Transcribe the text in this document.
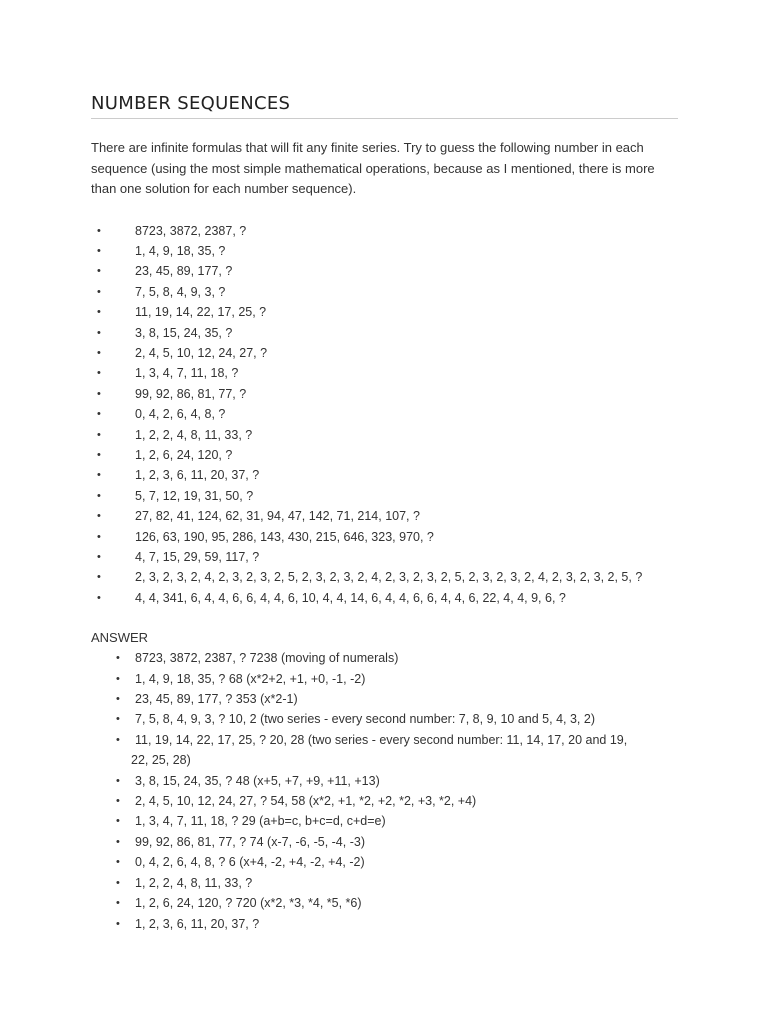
NUMBER SEQUENCES

There are infinite formulas that will fit any finite series. Try to guess the following number in each sequence (using the most simple mathematical operations, because as I mentioned, there is more than one solution for each number sequence).

•	8723, 3872, 2387, ?
•	1, 4, 9, 18, 35, ?
•	23, 45, 89, 177, ?
•	7, 5, 8, 4, 9, 3, ?
•	11, 19, 14, 22, 17, 25, ?
•	3, 8, 15, 24, 35, ?
•	2, 4, 5, 10, 12, 24, 27, ?
•	1, 3, 4, 7, 11, 18, ?
•	99, 92, 86, 81, 77, ?
•	0, 4, 2, 6, 4, 8, ?
•	1, 2, 2, 4, 8, 11, 33, ?
•	1, 2, 6, 24, 120, ?
•	1, 2, 3, 6, 11, 20, 37, ?
•	5, 7, 12, 19, 31, 50, ?
•	27, 82, 41, 124, 62, 31, 94, 47, 142, 71, 214, 107, ?
•	126, 63, 190, 95, 286, 143, 430, 215, 646, 323, 970, ?
•	4, 7, 15, 29, 59, 117, ?
•	2, 3, 2, 3, 2, 4, 2, 3, 2, 3, 2, 5, 2, 3, 2, 3, 2, 4, 2, 3, 2, 3, 2, 5, 2, 3, 2, 3, 2, 4, 2, 3, 2, 3, 2, 5, ?
•	4, 4, 341, 6, 4, 4, 6, 6, 4, 4, 6, 10, 4, 4, 14, 6, 4, 4, 6, 6, 4, 4, 6, 22, 4, 4, 9, 6, ?
ANSWER
• 8723, 3872, 2387, ? 7238 (moving of numerals)
• 1, 4, 9, 18, 35, ? 68 (x*2+2, +1, +0, -1, -2)
• 23, 45, 89, 177, ? 353 (x*2-1)
• 7, 5, 8, 4, 9, 3, ? 10, 2 (two series - every second number: 7, 8, 9, 10 and 5, 4, 3, 2)
• 11, 19, 14, 22, 17, 25, ? 20, 28 (two series - every second number: 11, 14, 17, 20 and 19,
22, 25, 28)
• 3, 8, 15, 24, 35, ? 48 (x+5, +7, +9, +11, +13)
• 2, 4, 5, 10, 12, 24, 27, ? 54, 58 (x*2, +1, *2, +2, *2, +3, *2, +4)
• 1, 3, 4, 7, 11, 18, ? 29 (a+b=c, b+c=d, c+d=e)
• 99, 92, 86, 81, 77, ? 74 (x-7, -6, -5, -4, -3)
• 0, 4, 2, 6, 4, 8, ? 6 (x+4, -2, +4, -2, +4, -2)
• 1, 2, 2, 4, 8, 11, 33, ?
• 1, 2, 6, 24, 120, ? 720 (x*2, *3, *4, *5, *6)
• 1, 2, 3, 6, 11, 20, 37, ?
